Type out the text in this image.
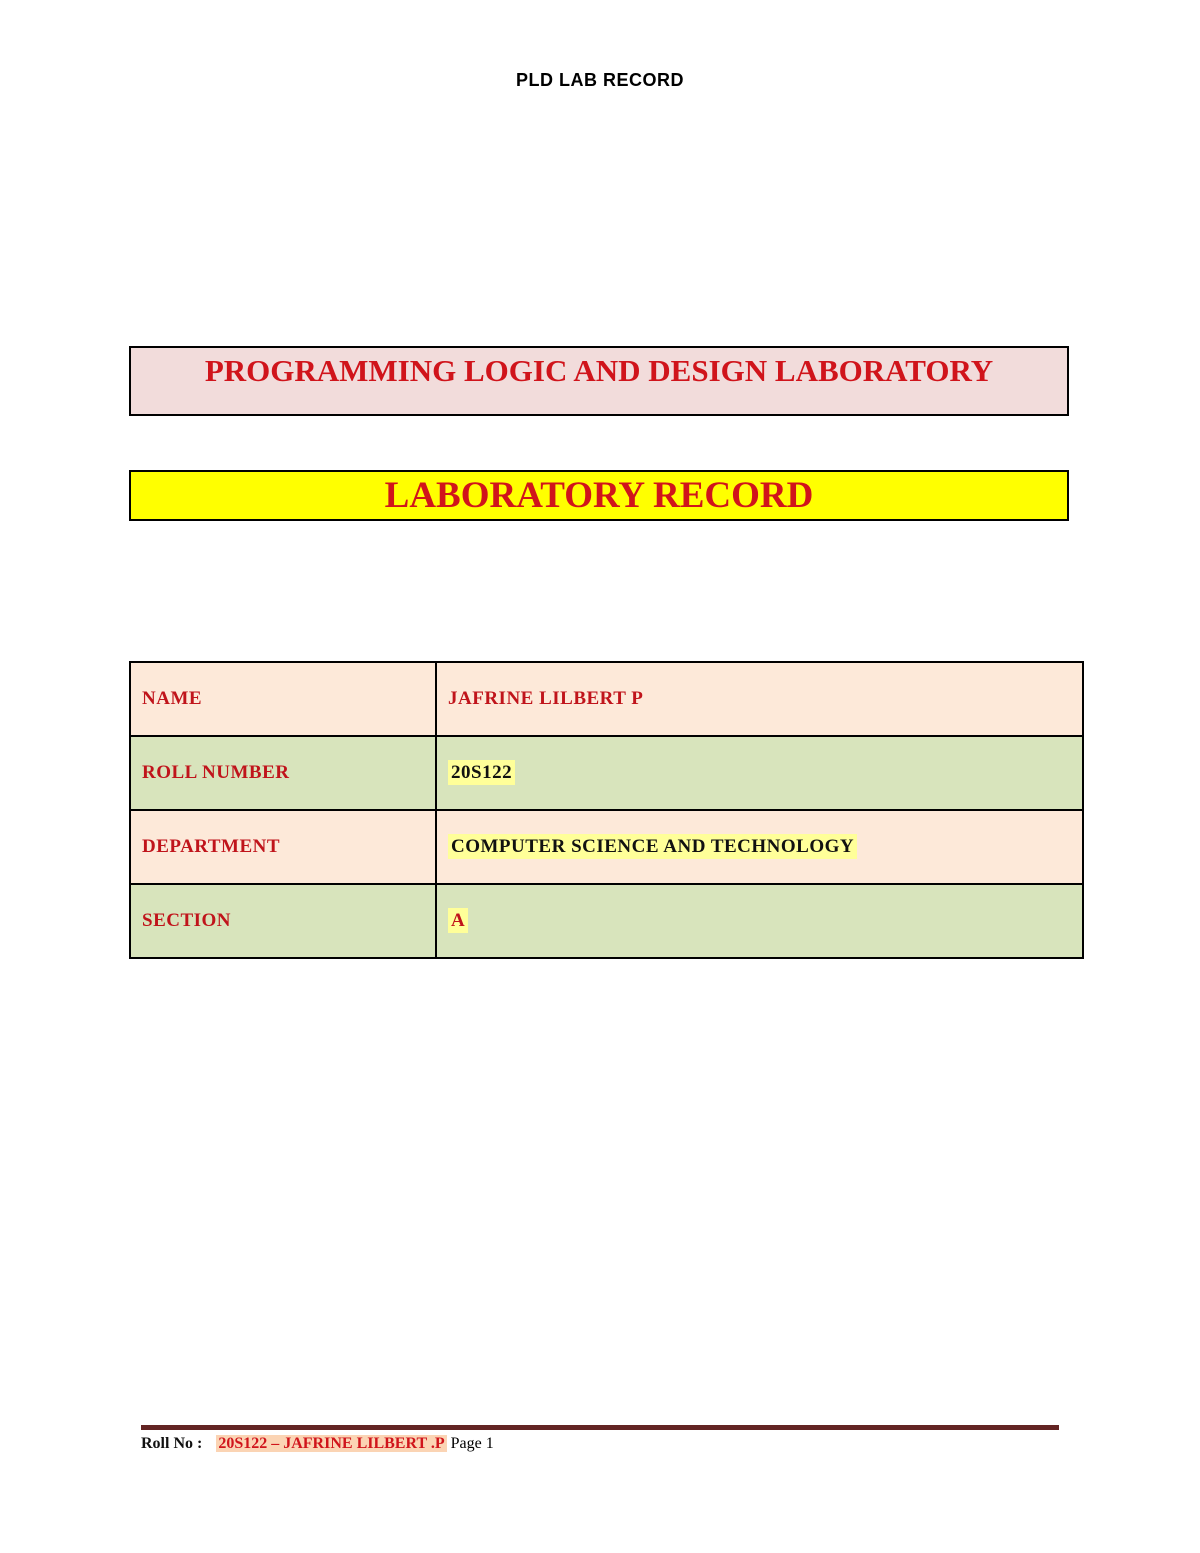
PLD LAB RECORD
PROGRAMMING LOGIC AND DESIGN LABORATORY
LABORATORY RECORD
NAME	JAFRINE LILBERT P
ROLL NUMBER	20S122
DEPARTMENT	COMPUTER SCIENCE AND TECHNOLOGY
SECTION	A
Roll No : 20S122 – JAFRINE LILBERT .P Page 1
